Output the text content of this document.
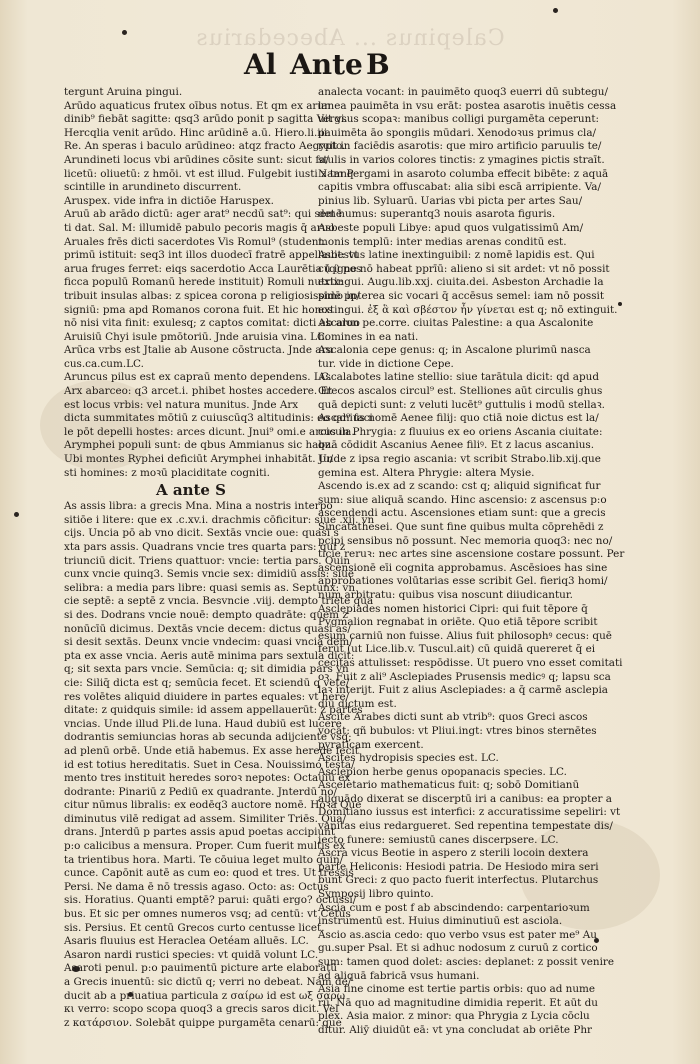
Calepinus ... Abecedarius
Al Ante B
tergunt Aruina pingui.
Arūdo aquaticus frutex oībus notus. Et qm ex arun
dinib⁹ fiebāt sagitte: qsq3 arūdo ponit p sagitta Vergi.
Hercqlia venit arūdo. Hinc arūdinē a.ū. Hiero.li.iii.
Re. An speras i baculo arūdineo: atqz fracto Aegypto.
Arundineti locus vbi arūdines cōsite sunt: sicut fa/
licetū: oliuetū: z hmōi. vt est illud. Fulgebit iusti z tanq̄
scintille in arundineto discurrent.
Aruspex. vide infra in dictiōe Haruspex.
Aruū ab arādo dictū: ager arat⁹ necdū sat⁹: qui semē
ti dat. Sal. M: illumidē pabulo pecoris magis q̄ aruo
Aruales frēs dicti sacerdotes Vis Romul⁹ (student.
primū istituit: seq3 int illos duodecī fratrē appellauit: vt
arua fruges ferret: eiqs sacerdotio Acca Laurētia (q) pos
ficca populū Romanū herede instituit) Romuli nutrix:
tribuit insulas albas: z spicea corona p religiosissimo in/
signiū: pma apd Romanos corona fuit. Et hic honos
nō nisi vita finit: exulesq; z captos comitat: dicti ab aruo
Aruisiū Chyi isule pmōtoriū. Jnde aruisia vina. LC.
Arūca vrbs est Jtalie ab Ausone cōstructa. Jnde aru
cus.ca.cum.LC.
Aruncus pilus est ex capraū mento dependens. LC.
Arx abarceo: q3 arcet.i. phibet hostes accedere. Et
est locus vrbis: vel natura munitus. Jnde Arx
dicta summitates mōtiū z cuiuscūq3 altitudinis: eo qd⁹ faci
le pōt depelli hostes: arces dicunt. Jnui⁹ omi.e arcicula.
Arymphei populi sunt: de qbus Ammianus sic habz.
Ubi montes Ryphei deficiūt Arymphei inhabitāt. Ju/
sti homines: z moꝛū placiditate cogniti.
A ante S
As assis libra: a grecis Mna. Mina a nostris interpo
sitiōe i litere: que ex .c.xv.i. drachmis cōficitur: siue .xij. vn
cijs. Uncia pō ab vno dicit. Sextās vncie oue: quasi s
xta pars assis. Quadrans vncie tres quarta pars: qui z
triunciū dicit. Triens quattuor: vncie: tertia pars. Quin
cunx vncie quinq3. Semis vncie sex: dimidiū assis: siue
selibra: a media pars libre: quasi semis as. Septunx: vn
cie septē: a septē z vncia. Besvncie .viij. dempto triete qua
si des. Dodrans vncie nouē: dempto quadrāte: quem z
nonūcīū dicimus. Dextās vncie decem: dictus quasi as/
si desit sextās. Deunx vncie vndecim: quasi vncia dem/
pta ex asse vncia. Aeris autē minima pars sextula dicit:
q; sit sexta pars vncie. Semūcia: q; sit dimidia pars vn
cie: Siliq̄ dicta est q; semūcia fecet. Et sciendū q vete/
res volētes aliquid diuidere in partes equales: vt here/
ditate: z quidquis simile: id assem appellauerūt: z partes
vncias. Unde illud Pli.de luna. Haud dubiū est lucere
dodrantis semiuncias horas ab secunda adijciente vsq;
ad plenū orbē. Unde etiā habemus. Ex asse herede fecit
id est totius hereditatis. Suet in Cesa. Nouissimo testa/
mento tres instituit heredes soroꝛ nepotes: Octauiū ex
dodrante: Pinariū z Pediū ex quadrante. Jnterdū no/
citur nūmus libralis: ex eodēq3 auctore nomē. Hoꝛa Que
diminutus vilē redigat ad assem. Similiter Triēs. Qua/
drans. Jnterdū p partes assis apud poetas accipiunt
p:o calicibus a mensura. Proper. Cum fuerit multis ex
ta trientibus hora. Marti. Te cōuiua leget multo quin/
cunce. Capōnit autē as cum eo: quod et tres. Ut tressis
Persi. Ne dama ē nō tressis agaso. Octo: as: Octus
sis. Horatius. Quanti emptē? parui: quāti ergo? octussi/
bus. Et sic per omnes numeros vsq; ad centū: vt Cētus
sis. Persius. Et centū Grecos curto centusse licet.
Asaris fluuius est Heraclea Oetéam alluēs. LC.
Asaron nardi rustici species: vt quidā volunt LC.
Asaroti penul. p:o pauimentū picture arte elaboratū
a Grecis inuentū: sic dictū q; verri no debeat. Nam de/
ducit ab a priuatiua particula z σαίρω id est ωξ σαρω
κι verro: scopo scopa quoq3 a grecis saros dicit. Vel
z κατάρσιον. Solebāt quippe purgamēta cenarū: que
analecta vocant: in pauimēto quoq3 euerri dū subtegu/
lanea pauimēta in vsu erāt: postea asarotis inuētis cessa
uit vsus scopaꝛ: manibus colligi purgamēta ceperunt:
pauimēta āo spongiis mūdari. Xenodoꝛus primus cla/
ruit in faciēdis asarotis: que miro artificio paruulis te/
stulis in varios colores tinctis: z ymagines pictis straīt.
Nam Pergami in asaroto columba effecit bibēte: z aquā
capitis vmbra offuscabat: alia sibi escā arripiente. Va/
pinius lib. Syluarū. Uarias vbi picta per artes Sau/
det humus: superantq3 nouis asarota figuris.
Asbeste populi Libye: apud quos vulgatissimū Am/
monis templū: inter medias arenas conditū est.
Asbestus latine inextinguibil: z nomē lapidis est. Qui
cū igne nō habeat pprīū: alieno si sit ardet: vt nō possit
extingui. Augu.lib.xxj. ciuita.dei. Asbeston Archadie la
pidē ppterea sic vocari q̄ accēsus semel: iam nō possit
extingui. ἐξ ἃ καὶ σβέστον ἦν γίνεται est q; nō extinguit.
Ascalon pe.corre. ciuitas Palestine: a qua Ascalonite
homines in ea nati.
Ascalonia cepe genus: q; in Ascalone plurimū nasca
tur. vide in dictione Cepe.
Ascalabotes latine stellio: siue tarātula dicit: qd apud
Grecos ascalos circul⁹ est. Stelliones aūt circulis ghus
quā depicti sunt: z veluti lucēt⁹ guttulis i modū stellaꝛ.
Ascanius nomē Aenee filij: quo ctiā noie dictus est la/
cus in Phrygia: z fluuius ex eo oriens Ascania ciuitate:
quā cōdidit Ascanius Aenee filiꝰ. Et z lacus ascanius.
Unde z ipsa regio ascania: vt scribit Strabo.lib.xij.que
gemina est. Altera Phrygie: altera Mysie.
Ascendo is.ex ad z scando: cst q; aliquid significat fur
sum: siue aliquā scando. Hinc ascensio: z ascensus p:o
ascendendi actu. Ascensiones etiam sunt: que a grecis
Sincatathesei. Que sunt fine quibus multa cōprehēdi z
pcipi sensibus nō possunt. Nec memoria quoq3: nec no/
ticie reruꝛ: nec artes sine ascensione costare possunt. Per
ascensionē eīi cognita approbamus. Ascēsioes has sine
approbationes volūtarias esse scribit Gel. fieriq3 homi/
num arbitratu: quibus visa noscunt diiudicantur.
Asclepiades nomen historici Cipri: qui fuit tēpore q̄
Pygmalion regnabat in oriēte. Quo etiā tēpore scribit
esum carniū non fuisse. Alius fuit philosophꝰ cecus: quē
ferūt (ut Lice.lib.v. Tuscul.ait) cū quidā quereret q̄ ei
cecitas attulisset: respōdisse. Ut puero vno esset comitati
oꝛ. Fuit z ali⁹ Asclepiades Prusensis medicꝰ q; lapsu sca
laꝛ interijt. Fuit z alius Asclepiades: a q̄ carmē asclepia
diū dictum est.
Ascite Arabes dicti sunt ab vtrib⁹: quos Greci ascos
vocāt: qñ bubulos: vt Pliui.ingt: vtres binos sternētes
pyraticam exercent.
Ascites hydropisis species est. LC.
Asclepion herbe genus opopanacis species. LC.
Asceletario mathematicus fuit: q; sobō Domitianū
aliquādo dixerat se discerptū iri a canibus: ea propter a
Domitiano iussus est interfici: z accuratissime sepeliri: vt
vanitas eius redargueret. Sed repentina tempestate dis/
iecto funere: semiustū canes discerpsere. LC.
Ascra vicus Beotie in aspero z sterili locoin dextera
parte Heliconis: Hesiodi patria. De Hesiodo mira seri
bunt Greci: z quo pacto fuerit interfectus. Plutarchus
Symposij libro quinto.
Ascia cum e post f ab abscindendo: carpentarioꝛum
instrumentū est. Huius diminutiuū est asciola.
Ascio as.ascia cedo: quo verbo vsus est pater me⁹ Au
gu.super Psal. Et si adhuc nodosum z curuū z cortico
sum: tamen quod dolet: ascies: deplanet: z possit venire
ad aliquā fabricā vsus humani.
Asia fine cinome est tertie partis orbis: quo ad nume
rū. Nā quo ad magnitudine dimidia reperit. Et aūt du
plex. Asia maior. z minor: qua Phrygia z Lycia cōclu
ditur. Aliȳ diuidūt eā: vt yna concludat ab oriēte Phr
